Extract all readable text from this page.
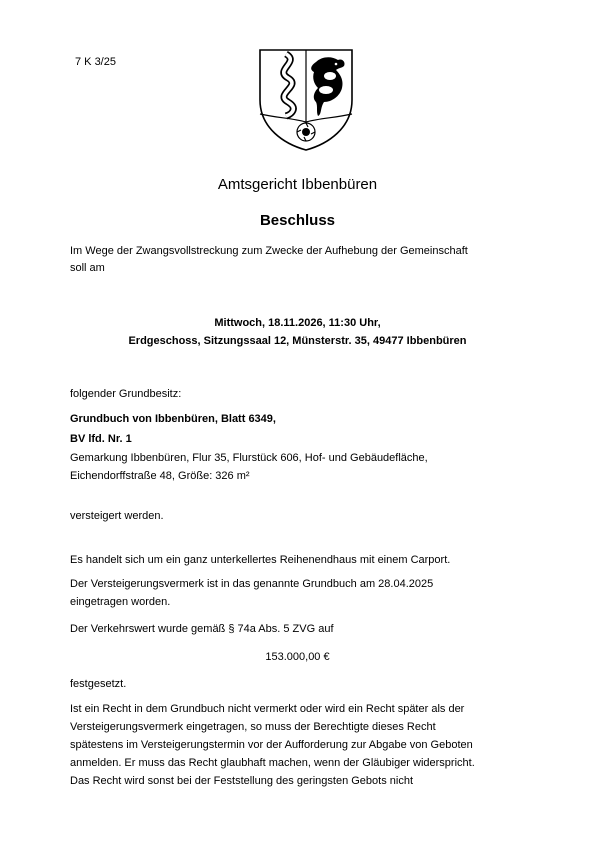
7 K 3/25
Amtsgericht Ibbenbüren
Beschluss
Im Wege der Zwangsvollstreckung zum Zwecke der Aufhebung der Gemeinschaft
soll am
Mittwoch, 18.11.2026, 11:30 Uhr,
Erdgeschoss, Sitzungssaal 12, Münsterstr. 35, 49477 Ibbenbüren
folgender Grundbesitz:
Grundbuch von Ibbenbüren, Blatt 6349,
BV lfd. Nr. 1
Gemarkung Ibbenbüren, Flur 35, Flurstück 606, Hof- und Gebäudefläche,
Eichendorffstraße 48, Größe: 326 m²
versteigert werden.
Es handelt sich um ein ganz unterkellertes Reihenendhaus mit einem Carport.
Der Versteigerungsvermerk ist in das genannte Grundbuch am 28.04.2025
eingetragen worden.
Der Verkehrswert wurde gemäß § 74a Abs. 5 ZVG auf
153.000,00 €
festgesetzt.
Ist ein Recht in dem Grundbuch nicht vermerkt oder wird ein Recht später als der
Versteigerungsvermerk eingetragen, so muss der Berechtigte dieses Recht
spätestens im Versteigerungstermin vor der Aufforderung zur Abgabe von Geboten
anmelden. Er muss das Recht glaubhaft machen, wenn der Gläubiger widerspricht.
Das Recht wird sonst bei der Feststellung des geringsten Gebots nicht
